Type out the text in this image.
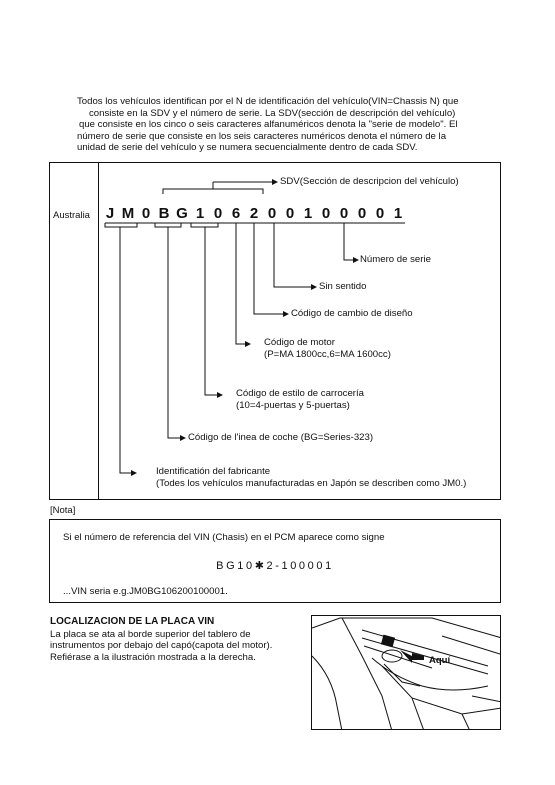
Todos los vehículos identifican por el N de identificación del vehículo(VIN=Chassis N) que

consiste en la SDV y el número de serie. La SDV(sección de descripción del vehículo)

que consiste en los cinco o seis caracteres alfanuméricos denota la "serie de modelo". El

número de serie que consiste en los seis caracteres numéricos denota el número de la

unidad de serie del vehículo y se numera secuencialmente dentro de cada SDV.

Australia J M 0 B G 1 0 6 2 0 0 1 0 0 0 0 1
SDV(Sección de descripcion del vehículo)
Número de serie
Sin sentido
Código de cambio de diseño
Código de motor
(P=MA 1800cc,6=MA 1600cc)
Código de estilo de carrocería
(10=4-puertas y 5-puertas)
Código de l'inea de coche (BG=Series-323)
Identificatión del fabricante
(Todes los vehículos manufacturadas en Japón se describen como JM0.)
[Nota]
Si el número de referencia del VIN (Chasis) en el PCM aparece como signe
BG10✱2-100001
...VIN seria e.g.JM0BG106200100001.
LOCALIZACION DE LA PLACA VIN

La placa se ata al borde superior del tablero de

instrumentos por debajo del capó(capota del motor).

Refiérase a la ilustración mostrada a la derecha.	Aquí
